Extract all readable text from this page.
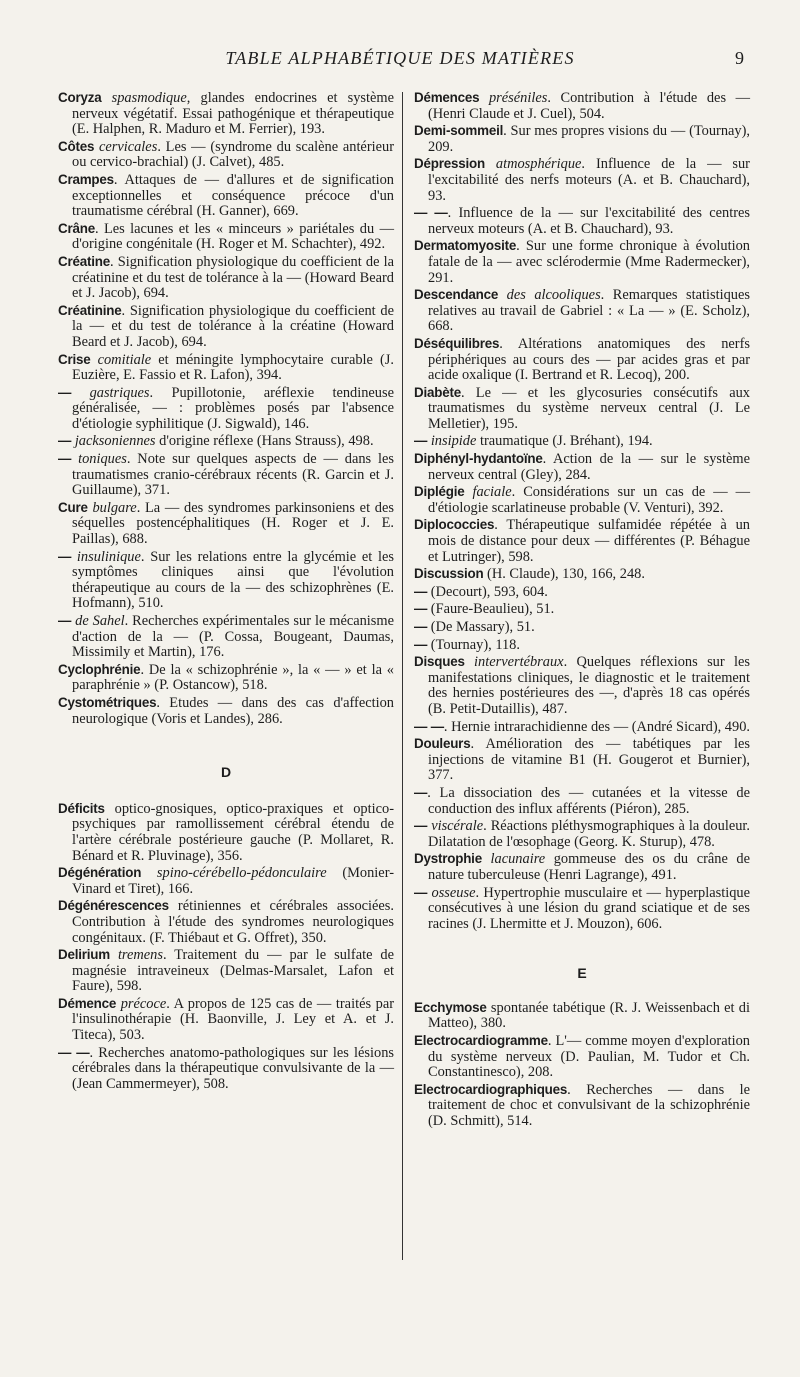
TABLE ALPHABÉTIQUE DES MATIÈRES	9

Coryza spasmodique, glandes endocrines et système nerveux végétatif. Essai pathogénique et thérapeutique (E. Halphen, R. Maduro et M. Ferrier), 193.

Côtes cervicales. Les — (syndrome du scalène antérieur ou cervico-brachial) (J. Calvet), 485.

Crampes. Attaques de — d'allures et de signification exceptionnelles et conséquence précoce d'un traumatisme cérébral (H. Ganner), 669.

Crâne. Les lacunes et les « minceurs » pariétales du — d'origine congénitale (H. Roger et M. Schachter), 492.

Créatine. Signification physiologique du coefficient de la créatinine et du test de tolérance à la — (Howard Beard et J. Jacob), 694.

Créatinine. Signification physiologique du coefficient de la — et du test de tolérance à la créatine (Howard Beard et J. Jacob), 694.

Crise comitiale et méningite lymphocytaire curable (J. Euzière, E. Fassio et R. Lafon), 394.

— gastriques. Pupillotonie, aréflexie tendineuse généralisée, — : problèmes posés par l'absence d'étiologie syphilitique (J. Sigwald), 146.

— jacksoniennes d'origine réflexe (Hans Strauss), 498.

— toniques. Note sur quelques aspects de — dans les traumatismes cranio-cérébraux récents (R. Garcin et J. Guillaume), 371.

Cure bulgare. La — des syndromes parkinsoniens et des séquelles postencéphalitiques (H. Roger et J. E. Paillas), 688.

— insulinique. Sur les relations entre la glycémie et les symptômes cliniques ainsi que l'évolution thérapeutique au cours de la — des schizophrènes (E. Hofmann), 510.

— de Sahel. Recherches expérimentales sur le mécanisme d'action de la — (P. Cossa, Bougeant, Daumas, Missimily et Martin), 176.

Cyclophrénie. De la « schizophrénie », la « — » et la « paraphrénie » (P. Ostancow), 518.

Cystométriques. Etudes — dans des cas d'affection neurologique (Voris et Landes), 286.

D

Déficits optico-gnosiques, optico-praxiques et optico-psychiques par ramollissement cérébral étendu de l'artère cérébrale postérieure gauche (P. Mollaret, R. Bénard et R. Pluvinage), 356.

Dégénération spino-cérébello-pédonculaire (Monier-Vinard et Tiret), 166.

Dégénérescences rétiniennes et cérébrales associées. Contribution à l'étude des syndromes neurologiques congénitaux. (F. Thiébaut et G. Offret), 350.

Delirium tremens. Traitement du — par le sulfate de magnésie intraveineux (Delmas-Marsalet, Lafon et Faure), 598.

Démence précoce. A propos de 125 cas de — traités par l'insulinothérapie (H. Baonville, J. Ley et A. et J. Titeca), 503.

— —. Recherches anatomo-pathologiques sur les lésions cérébrales dans la thérapeutique convulsivante de la — (Jean Cammermeyer), 508.

Démences préséniles. Contribution à l'étude des — (Henri Claude et J. Cuel), 504.

Demi-sommeil. Sur mes propres visions du — (Tournay), 209.

Dépression atmosphérique. Influence de la — sur l'excitabilité des nerfs moteurs (A. et B. Chauchard), 93.

— —. Influence de la — sur l'excitabilité des centres nerveux moteurs (A. et B. Chauchard), 93.

Dermatomyosite. Sur une forme chronique à évolution fatale de la — avec sclérodermie (Mme Radermecker), 291.

Descendance des alcooliques. Remarques statistiques relatives au travail de Gabriel : « La — » (E. Scholz), 668.

Déséquilibres. Altérations anatomiques des nerfs périphériques au cours des — par acides gras et par acide oxalique (I. Bertrand et R. Lecoq), 200.

Diabète. Le — et les glycosuries consécutifs aux traumatismes du système nerveux central (J. Le Melletier), 195.

— insipide traumatique (J. Bréhant), 194.

Diphényl-hydantoïne. Action de la — sur le système nerveux central (Gley), 284.

Diplégie faciale. Considérations sur un cas de — — d'étiologie scarlatineuse probable (V. Venturi), 392.

Diplococcies. Thérapeutique sulfamidée répétée à un mois de distance pour deux — différentes (P. Béhague et Lutringer), 598.

Discussion (H. Claude), 130, 166, 248.

— (Decourt), 593, 604.

— (Faure-Beaulieu), 51.

— (De Massary), 51.

— (Tournay), 118.

Disques intervertébraux. Quelques réflexions sur les manifestations cliniques, le diagnostic et le traitement des hernies postérieures des —, d'après 18 cas opérés (B. Petit-Dutaillis), 487.

— —. Hernie intrarachidienne des — (André Sicard), 490.

Douleurs. Amélioration des — tabétiques par les injections de vitamine B1 (H. Gougerot et Burnier), 377.

—. La dissociation des — cutanées et la vitesse de conduction des influx afférents (Piéron), 285.

— viscérale. Réactions pléthysmographiques à la douleur. Dilatation de l'œsophage (Georg. K. Sturup), 478.

Dystrophie lacunaire gommeuse des os du crâne de nature tuberculeuse (Henri Lagrange), 491.

— osseuse. Hypertrophie musculaire et — hyperplastique consécutives à une lésion du grand sciatique et de ses racines (J. Lhermitte et J. Mouzon), 606.

E

Ecchymose spontanée tabétique (R. J. Weissenbach et di Matteo), 380.

Electrocardiogramme. L'— comme moyen d'exploration du système nerveux (D. Paulian, M. Tudor et Ch. Constantinesco), 208.

Electrocardiographiques. Recherches — dans le traitement de choc et convulsivant de la schizophrénie (D. Schmitt), 514.
